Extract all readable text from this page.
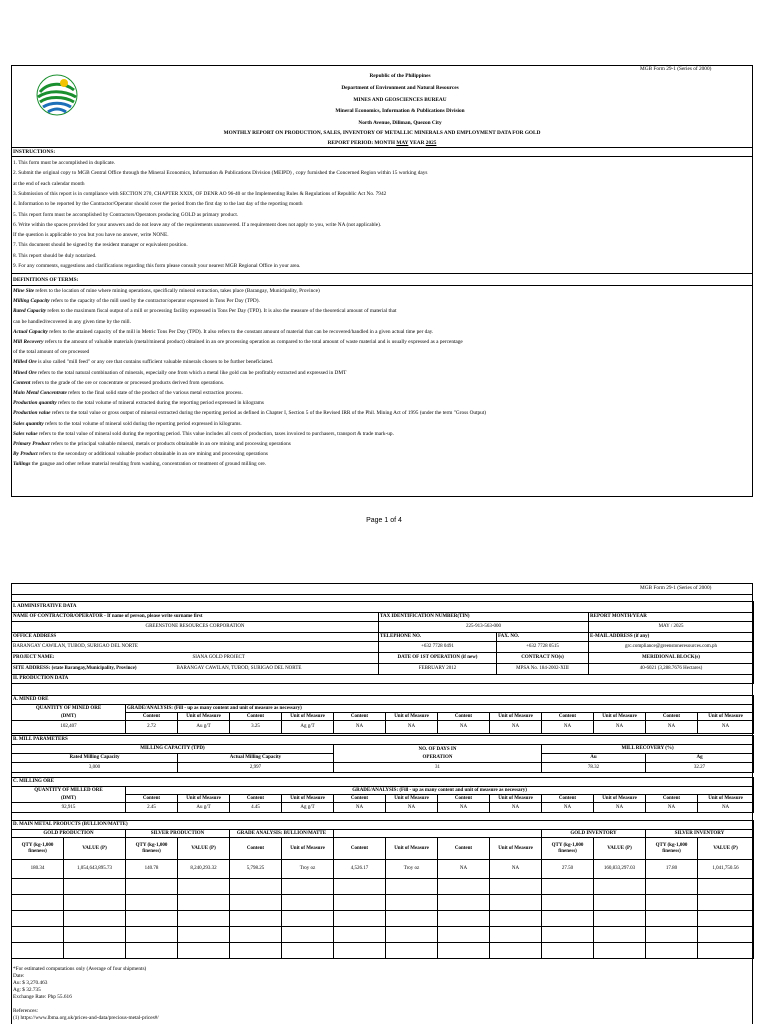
MGB Form 29-1 (Series of 2000)
Republic of the Philippines
Department of Environment and Natural Resources
MINES AND GEOSCIENCES BUREAU
Mineral Economics, Information & Publications Division
North Avenue, Diliman, Quezon City
MONTHLY REPORT ON PRODUCTION, SALES, INVENTORY OF METALLIC MINERALS AND EMPLOYMENT DATA FOR GOLD
REPORT PERIOD: MONTH MAY YEAR 2025
INSTRUCTIONS:
1. This form must be accomplished in duplicate.
2. Submit the original copy to MGB Central Office through the Mineral Economics, Information & Publications Division (MEIPD) , copy furnished the Concerned Region within 15 working days
at the end of each calendar month
3. Submission of this report is in compliance with SECTION 270, CHAPTER XXIX, OF DENR AO 96-40 or the Implementing Rules & Regulations of Republic Act No. 7942
4. Information to be reported by the Contractor/Operator should cover the period from the first day to the last day of the reporting month
5. This report form must be accomplished by Contractors/Operators producing GOLD as primary product.
6. Write within the spaces provided for your answers and do not leave any of the requirements unanswered. If a requirement does not apply to you, write NA (not applicable).
If the question is applicable to you but you have no answer, write NONE.
7. This document should be signed by the resident manager or equivalent position.
8. This report should be duly notarized.
9. For any comments, suggestions and clarifications regarding this form please consult your nearest MGB Regional Office in your area.
DEFINITIONS OF TERMS:
Mine Site refers to the location of mine where mining operations, specifically mineral extraction, takes place (Barangay, Municipality, Province)
Milling Capacity refers to the capacity of the mill used by the contractor/operator expressed in Tons Per Day (TPD).
Rated Capacity refers to the maximum fiscal output of a mill or processing facility expressed in Tons Per Day (TPD). It is also the measure of the theoretical amount of material that
can be handled/recovered in any given time by the mill.
Actual Capacity refers to the attained capacity of the mill in Metric Tons Per Day (TPD). It also refers to the constant amount of material that can be recovered/handled in a given actual time per day.
Mill Recovery refers to the amount of valuable materials (metal/mineral product) obtained in an ore processing operation as compared to the total amount of waste material and is usually expressed as a percentage
of the total amount of ore processed
Milled Ore is also called "mill feed" or any ore that contains sufficient valuable minerals chosen to be further beneficiated.
Mined Ore refers to the total natural combination of minerals, especially one from which a metal like gold can be profitably extracted and expressed in DMT
Content refers to the grade of the ore or concentrate or processed products derived from operations.
Main Metal Concentrate refers to the final solid state of the product of the various metal extraction process.
Production quantity refers to the total volume of mineral extracted during the reporting period expressed in kilograms
Production value refers to the total value or gross output of mineral extracted during the reporting period as defined in Chapter I, Section 5 of the Revised IRR of the Phil. Mining Act of 1995 (under the term "Gross Output)
Sales quantity refers to the total volume of mineral sold during the reporting period expressed in kilograms.
Sales value refers to the total value of mineral sold during the reporting period. This value includes all costs of production, taxes invoiced to purchasers, transport & trade mark-up.
Primary Product refers to the principal valuable mineral, metals or products obtainable in an ore mining and processing operations
By Product refers to the secondary or additional valuable product obtainable in an ore mining and processing operations
Tailings the gangue and other refuse material resulting from washing, concentration or treatment of ground milling ore.
Page 1 of 4
MGB Form 29-1 (Series of 2000)
I. ADMINISTRATIVE DATA			
NAME OF CONTRACTOR/OPERATOR - If name of person, please write surname first	TAX IDENTIFICATION NUMBER(TIN)		REPORT MONTH/YEAR
GREENSTONE RESOURCES CORPORATION	225-913-563-000		MAY / 2025
OFFICE ADDRESS	TELEPHONE NO.	FAX. NO.	E-MAIL ADDRESS (if any)
BARANGAY CAWILAN, TUBOD, SURIGAO DEL NORTE	+632 7728 0491	+632 7728 0515	grc.compliance@greenstoneresources.com.ph
PROJECT NAME: SIANA GOLD PROJECT	DATE OF 1ST OPERATION (if new)	CONTRACT NO(s)	MERIDIONAL BLOCK(s)
SITE ADDRESS: (state Barangay,Municipality, Province) BARANGAY CAWILAN, TUBOD, SURIGAO DEL NORTE	FEBRUARY 2012	MPSA No. 184-2002-XIII	40-6021 (3,288.7676 Hectares)
II. PRODUCTION DATA			
A. MINED ORE												
QUANTITY OF MINED ORE	GRADE/ANALYSIS: (Fill - up as many content and unit of measure as necessary)											
(DMT)	Content	Unit of Measure	Content	Unit of Measure	Content	Unit of Measure	Content	Unit of Measure	Content	Unit of Measure	Content	Unit of Measure
102,407	2.72	Au g/T	3.25	Ag g/T	NA	NA	NA	NA	NA	NA	NA	NA
B. MILL PARAMETERS				
MILLING CAPACITY (TPD)		NO. OF DAYS IN	MILL RECOVERY (%)	
Rated Milling Capacity	Actual Milling Capacity	OPERATION	Au	Ag
3,000	2,997	31	78.32	32.27
C. MILLING ORE												
QUANTITY OF MILLED ORE	GRADE/ANALYSIS: (Fill - up as many content and unit of measure as necessary)											
(DMT)	Content	Unit of Measure	Content	Unit of Measure	Content	Unit of Measure	Content	Unit of Measure	Content	Unit of Measure	Content	Unit of Measure
92,915	2.45	Au g/T	4.45	Ag g/T	NA	NA	NA	NA	NA	NA	NA	NA
D. MAIN METAL PRODUCTS (BULLION/MATTE)													
GOLD PRODUCTION		SILVER PRODUCTION		GRADE ANALYSIS: BULLION/MATTE						GOLD INVENTORY		SILVER INVENTORY	
QTY (kg-1,000
fineness)	VALUE (P)	QTY (kg-1,000
fineness)	VALUE (P)	Content	Unit of Measure	Content	Unit of Measure	Content	Unit of Measure	QTY (kg-1,000
fineness)	VALUE (P)	QTY (kg-1,000
fineness)	VALUE (P)
180.34	1,054,643,895.73	140.78	8,240,293.32	5,798.25	Troy oz	4,526.17	Troy oz	NA	NA	27.50	160,833,297.03	17.80	1,041,750.56

*For estimated computations only (Average of four shipments)
Date:
Au: $ 3,270.463
Ag: $ 32.735
Exchange Rate: Php 55.616
References:
(1) https://www.lbma.org.uk/prices-and-data/precious-metal-prices#/
